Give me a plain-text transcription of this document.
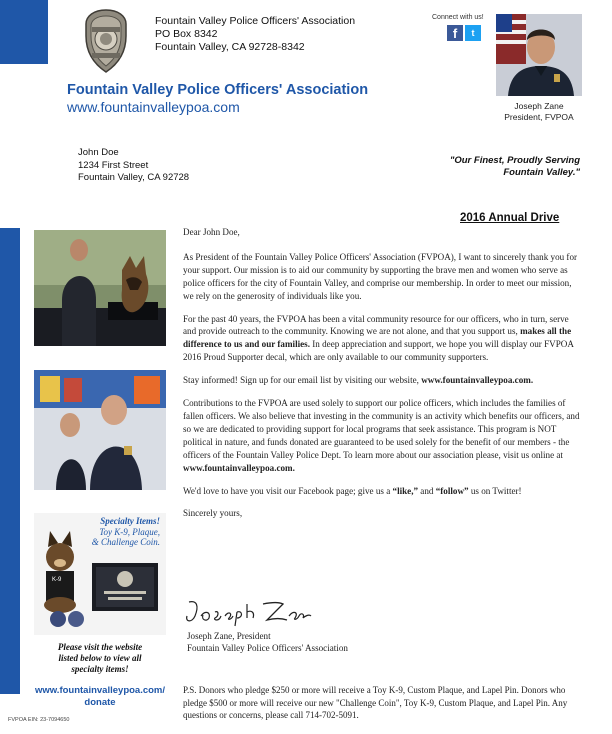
Fountain Valley Police Officers' Association
PO Box 8342
Fountain Valley, CA 92728-8342
Fountain Valley Police Officers' Association
www.fountainvalleypoa.com
Connect with us!
f	t
Joseph Zane
President, FVPOA
John Doe
1234 First Street
Fountain Valley, CA 92728
"Our Finest, Proudly Serving
Fountain Valley."
2016 Annual Drive
K-9
Specialty Items!
Toy K-9, Plaque,
& Challenge Coin.
Please visit the website
listed below to view all
specialty items!
www.fountainvalleypoa.com/
donate
FVPOA EIN: 23-7094650

Dear John Doe,

As President of the Fountain Valley Police Officers' Association (FVPOA), I want to sincerely thank you for your support. Our mission is to aid our community by supporting the brave men and women who serve as police officers for the city of Fountain Valley, and comprise our membership. In order to meet our mission, we rely on the generosity of individuals like you.

For the past 40 years, the FVPOA has been a vital community resource for our officers, who in turn, serve and provide outreach to the community. Knowing we are not alone, and that you support us, makes all the difference to us and our families. In deep appreciation and support, we hope you will display our FVPOA 2016 Proud Supporter decal, which are only available to our community supporters.

Stay informed! Sign up for our email list by visiting our website, www.fountainvalleypoa.com.

Contributions to the FVPOA are used solely to support our police officers, which includes the families of fallen officers. We also believe that investing in the community is an activity which benefits our officers, and so we are dedicated to providing support for local programs that seek assistance. This program is NOT political in nature, and funds donated are guaranteed to be used solely for the benefit of our members - the officers of the Fountain Valley Police Dept. To learn more about our association please, visit us online at www.fountainvalleypoa.com.

We'd love to have you visit our Facebook page; give us a “like,” and “follow” us on Twitter!

Sincerely yours,

Joseph Zane, President
Fountain Valley Police Officers' Association
P.S. Donors who pledge $250 or more will receive a Toy K-9, Custom Plaque, and Lapel Pin. Donors who pledge $500 or more will receive our new "Challenge Coin", Toy K-9, Custom Plaque, and Lapel Pin. Any questions or concerns, please call 714-702-5091.
